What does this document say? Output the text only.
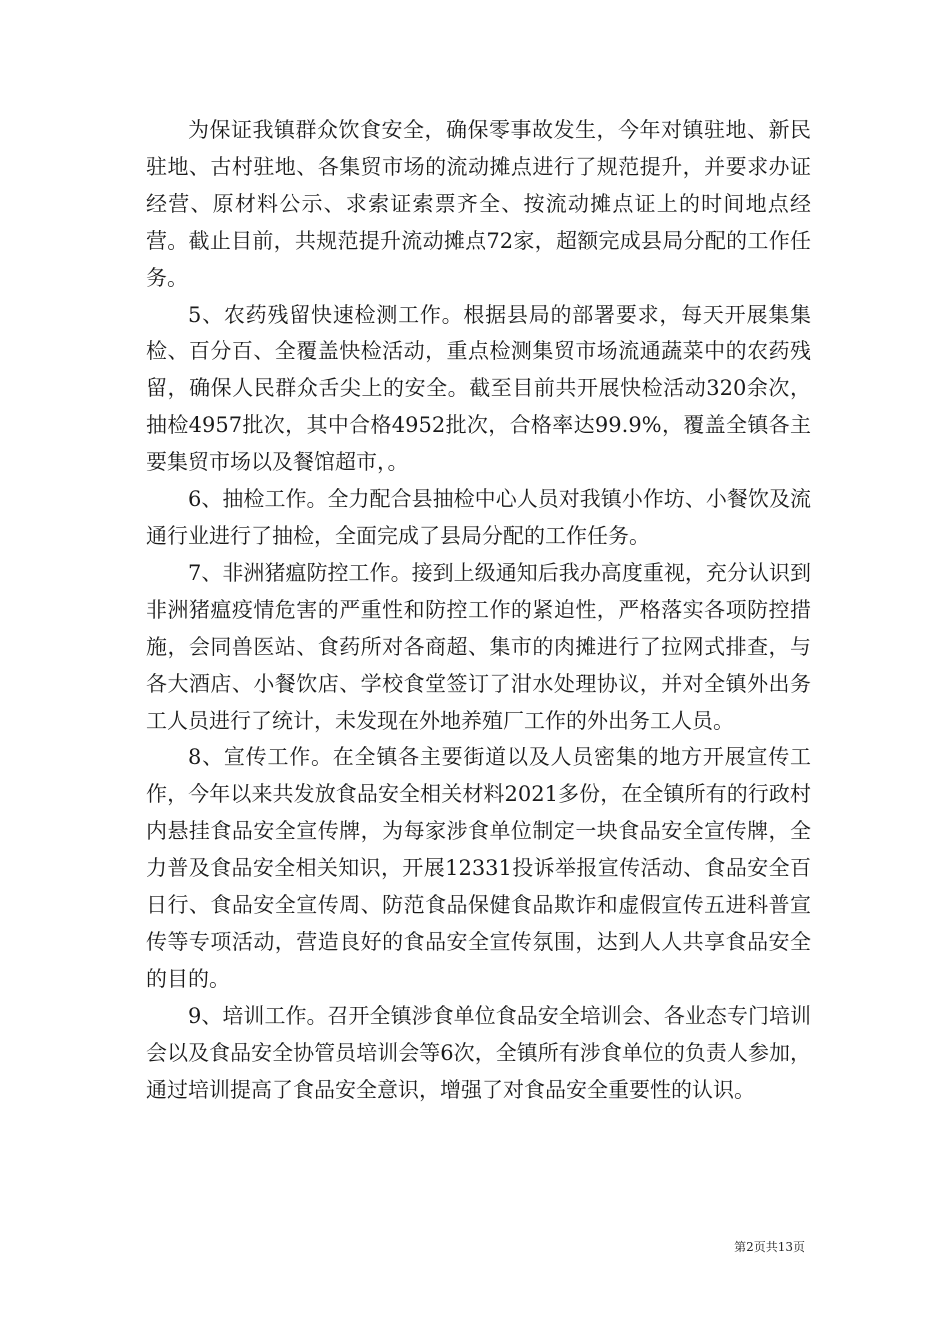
为保证我镇群众饮食安全，确保零事故发生，今年对镇驻地、新民驻地、古村驻地、各集贸市场的流动摊点进行了规范提升，并要求办证经营、原材料公示、求索证索票齐全、按流动摊点证上的时间地点经营。截止目前，共规范提升流动摊点72家，超额完成县局分配的工作任务。

5、农药残留快速检测工作。根据县局的部署要求，每天开展集集检、百分百、全覆盖快检活动，重点检测集贸市场流通蔬菜中的农药残留，确保人民群众舌尖上的安全。截至目前共开展快检活动320余次，抽检4957批次，其中合格4952批次，合格率达99.9%，覆盖全镇各主要集贸市场以及餐馆超市，。

6、抽检工作。全力配合县抽检中心人员对我镇小作坊、小餐饮及流通行业进行了抽检，全面完成了县局分配的工作任务。

7、非洲猪瘟防控工作。接到上级通知后我办高度重视，充分认识到非洲猪瘟疫情危害的严重性和防控工作的紧迫性，严格落实各项防控措施，会同兽医站、食药所对各商超、集市的肉摊进行了拉网式排查，与各大酒店、小餐饮店、学校食堂签订了泔水处理协议，并对全镇外出务工人员进行了统计，未发现在外地养殖厂工作的外出务工人员。

8、宣传工作。在全镇各主要街道以及人员密集的地方开展宣传工作，今年以来共发放食品安全相关材料2021多份，在全镇所有的行政村内悬挂食品安全宣传牌，为每家涉食单位制定一块食品安全宣传牌，全力普及食品安全相关知识，开展12331投诉举报宣传活动、食品安全百日行、食品安全宣传周、防范食品保健食品欺诈和虚假宣传五进科普宣传等专项活动，营造良好的食品安全宣传氛围，达到人人共享食品安全的目的。

9、培训工作。召开全镇涉食单位食品安全培训会、各业态专门培训会以及食品安全协管员培训会等6次，全镇所有涉食单位的负责人参加，通过培训提高了食品安全意识，增强了对食品安全重要性的认识。

第2页共13页
